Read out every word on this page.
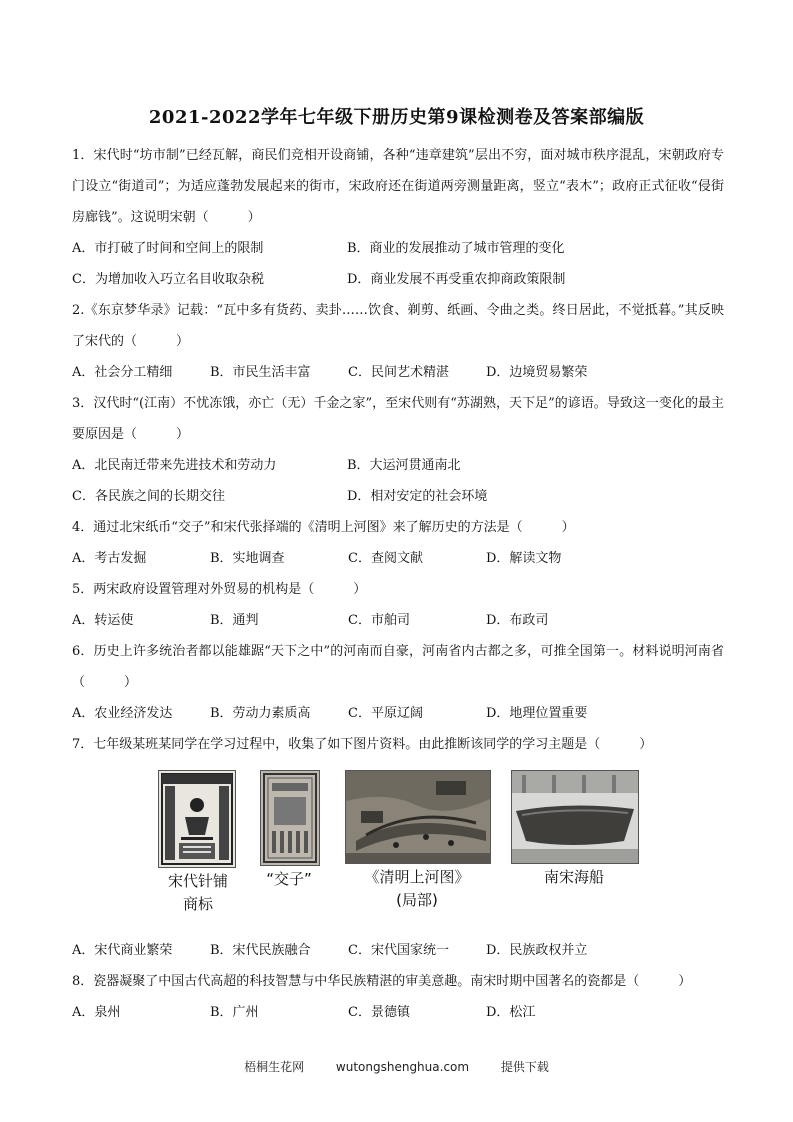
2021-2022学年七年级下册历史第9课检测卷及答案部编版
1．宋代时“坊市制”已经瓦解，商民们竞相开设商铺，各种“违章建筑”层出不穷，面对城市秩序混乱，宋朝政府专门设立“街道司”；为适应蓬勃发展起来的街市，宋政府还在街道两旁测量距离，竖立“表木”；政府正式征收“侵街房廊钱”。这说明宋朝（　　　）
A．市打破了时间和空间上的限制	B．商业的发展推动了城市管理的变化
C．为增加收入巧立名目收取杂税	D．商业发展不再受重农抑商政策限制
2.《东京梦华录》记载：“瓦中多有货药、卖卦……饮食、剃剪、纸画、令曲之类。终日居此，不觉抵暮。”其反映了宋代的（　　　）
A．社会分工精细	B．市民生活丰富	C．民间艺术精湛	D．边境贸易繁荣
3．汉代时“(江南）不忧冻饿，亦亡（无）千金之家”，至宋代则有“苏湖熟，天下足”的谚语。导致这一变化的最主要原因是（　　　）
A．北民南迁带来先进技术和劳动力	B．大运河贯通南北
C．各民族之间的长期交往	D．相对安定的社会环境
4．通过北宋纸币“交子”和宋代张择端的《清明上河图》来了解历史的方法是（　　　）
A．考古发掘	B．实地调查	C．查阅文献	D．解读文物
5．两宋政府设置管理对外贸易的机构是（　　　）
A．转运使	B．通判	C．市舶司	D．布政司
6．历史上许多统治者都以能雄踞“天下之中”的河南而自豪，河南省内古都之多，可推全国第一。材料说明河南省（　　　）
A．农业经济发达	B．劳动力素质高	C．平原辽阔	D．地理位置重要
7．七年级某班某同学在学习过程中，收集了如下图片资料。由此推断该同学的学习主题是（　　　）
宋代针铺
商标
“交子”	《清明上河图》
(局部)
南宋海船
A．宋代商业繁荣	B．宋代民族融合	C．宋代国家统一	D．民族政权并立
8．瓷器凝聚了中国古代高超的科技智慧与中华民族精湛的审美意趣。南宋时期中国著名的瓷都是（　　　）
A．泉州	B．广州	C．景德镇	D．松江
梧桐生花网	wutongshenghua.com	提供下载
